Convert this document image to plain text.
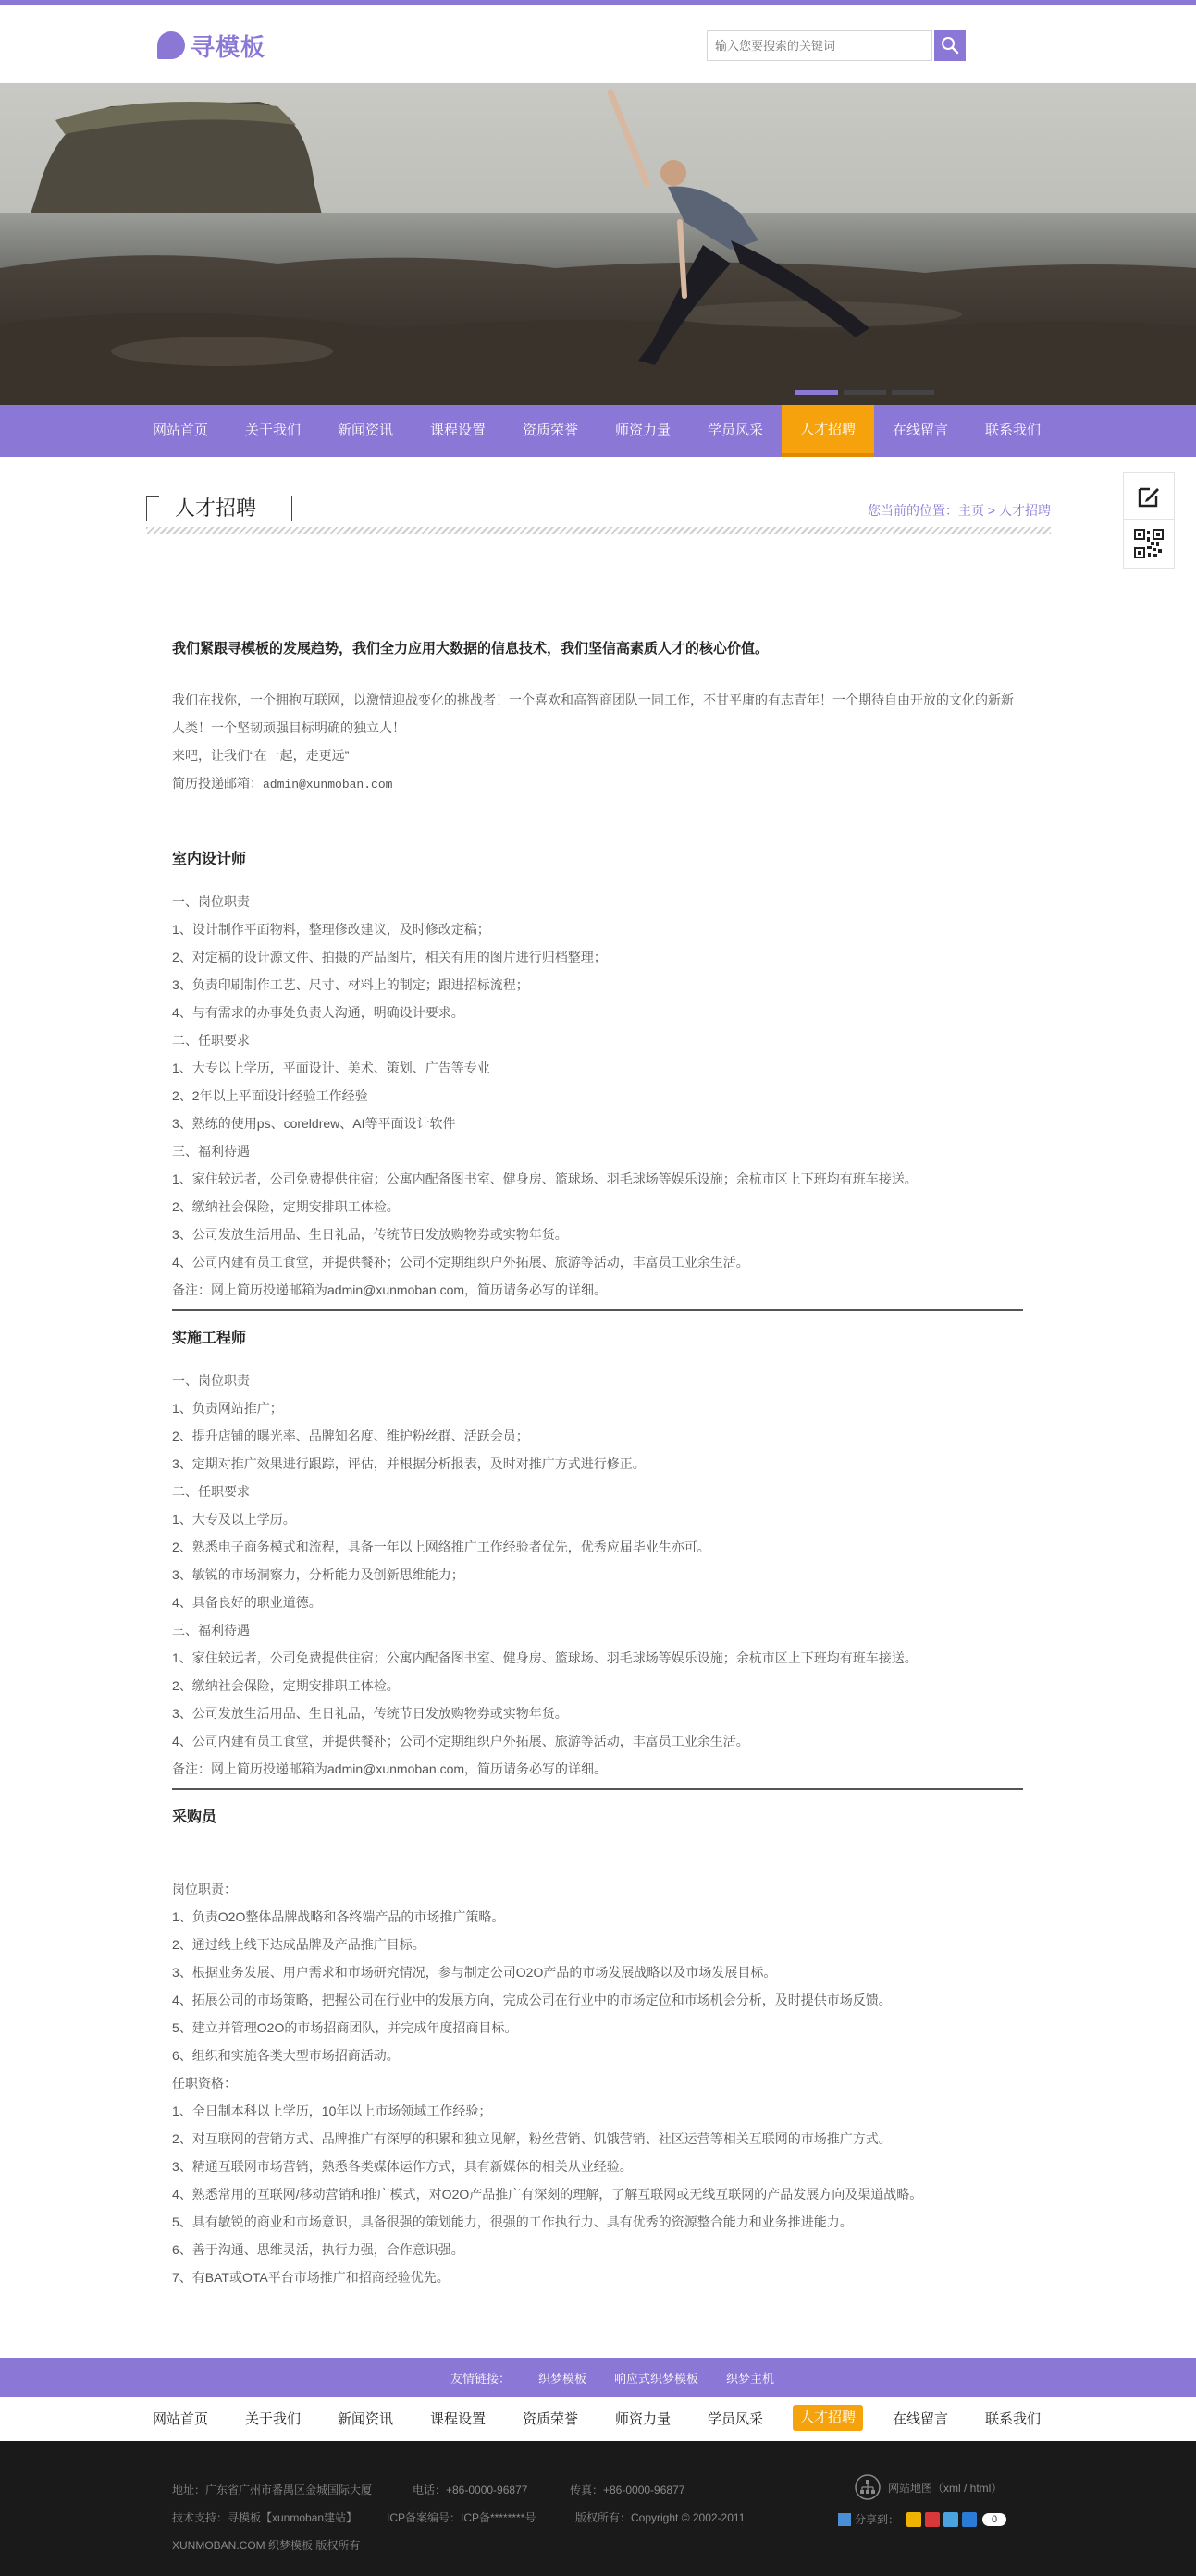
寻模板
输入您要搜索的关键词
网站首页	关于我们	新闻资讯	课程设置	资质荣誉	师资力量	学员风采	人才招聘	在线留言	联系我们
人才招聘	您当前的位置：主页 > 人才招聘
我们紧跟寻模板的发展趋势，我们全力应用大数据的信息技术，我们坚信高素质人才的核心价值。
我们在找你，一个拥抱互联网，以激情迎战变化的挑战者！一个喜欢和高智商团队一同工作，不甘平庸的有志青年！一个期待自由开放的文化的新新人类！一个坚韧顽强目标明确的独立人！
来吧，让我们“在一起，走更远”
简历投递邮箱：admin@xunmoban.com
室内设计师
一、岗位职责
1、设计制作平面物料，整理修改建议，及时修改定稿；
2、对定稿的设计源文件、拍摄的产品图片，相关有用的图片进行归档整理；
3、负责印刷制作工艺、尺寸、材料上的制定；跟进招标流程；
4、与有需求的办事处负责人沟通，明确设计要求。
二、任职要求
1、大专以上学历，平面设计、美术、策划、广告等专业
2、2年以上平面设计经验工作经验
3、熟练的使用ps、coreldrew、AI等平面设计软件
三、福利待遇
1、家住较远者，公司免费提供住宿；公寓内配备图书室、健身房、篮球场、羽毛球场等娱乐设施；余杭市区上下班均有班车接送。
2、缴纳社会保险，定期安排职工体检。
3、公司发放生活用品、生日礼品，传统节日发放购物券或实物年货。
4、公司内建有员工食堂，并提供餐补；公司不定期组织户外拓展、旅游等活动，丰富员工业余生活。
备注：网上简历投递邮箱为admin@xunmoban.com，简历请务必写的详细。
实施工程师
一、岗位职责
1、负责网站推广；
2、提升店铺的曝光率、品牌知名度、维护粉丝群、活跃会员；
3、定期对推广效果进行跟踪，评估，并根据分析报表，及时对推广方式进行修正。
二、任职要求
1、大专及以上学历。
2、熟悉电子商务模式和流程，具备一年以上网络推广工作经验者优先，优秀应届毕业生亦可。
3、敏锐的市场洞察力，分析能力及创新思维能力；
4、具备良好的职业道德。
三、福利待遇
1、家住较远者，公司免费提供住宿；公寓内配备图书室、健身房、篮球场、羽毛球场等娱乐设施；余杭市区上下班均有班车接送。
2、缴纳社会保险，定期安排职工体检。
3、公司发放生活用品、生日礼品，传统节日发放购物券或实物年货。
4、公司内建有员工食堂，并提供餐补；公司不定期组织户外拓展、旅游等活动，丰富员工业余生活。
备注：网上简历投递邮箱为admin@xunmoban.com，简历请务必写的详细。
采购员
岗位职责：
1、负责O2O整体品牌战略和各终端产品的市场推广策略。
2、通过线上线下达成品牌及产品推广目标。
3、根据业务发展、用户需求和市场研究情况，参与制定公司O2O产品的市场发展战略以及市场发展目标。
4、拓展公司的市场策略，把握公司在行业中的发展方向，完成公司在行业中的市场定位和市场机会分析，及时提供市场反馈。
5、建立并管理O2O的市场招商团队，并完成年度招商目标。
6、组织和实施各类大型市场招商活动。
任职资格：
1、全日制本科以上学历，10年以上市场领域工作经验；
2、对互联网的营销方式、品牌推广有深厚的积累和独立见解，粉丝营销、饥饿营销、社区运营等相关互联网的市场推广方式。
3、精通互联网市场营销，熟悉各类媒体运作方式，具有新媒体的相关从业经验。
4、熟悉常用的互联网/移动营销和推广模式，对O2O产品推广有深刻的理解，了解互联网或无线互联网的产品发展方向及渠道战略。
5、具有敏锐的商业和市场意识，具备很强的策划能力，很强的工作执行力、具有优秀的资源整合能力和业务推进能力。
6、善于沟通、思维灵活，执行力强，合作意识强。
7、有BAT或OTA平台市场推广和招商经验优先。
友情链接： 织梦模板 响应式织梦模板 织梦主机
网站首页	关于我们	新闻资讯	课程设置	资质荣誉	师资力量	学员风采	人才招聘	在线留言	联系我们
地址：广东省广州市番禺区金城国际大厦	电话：+86-0000-96877	传真：+86-0000-96877
技术支持：寻模板【xunmoban建站】	ICP备案编号：ICP备********号	版权所有：Copyright © 2002-2011
XUNMOBAN.COM 织梦模板 版权所有
网站地图（xml / html）
分享到：	0
